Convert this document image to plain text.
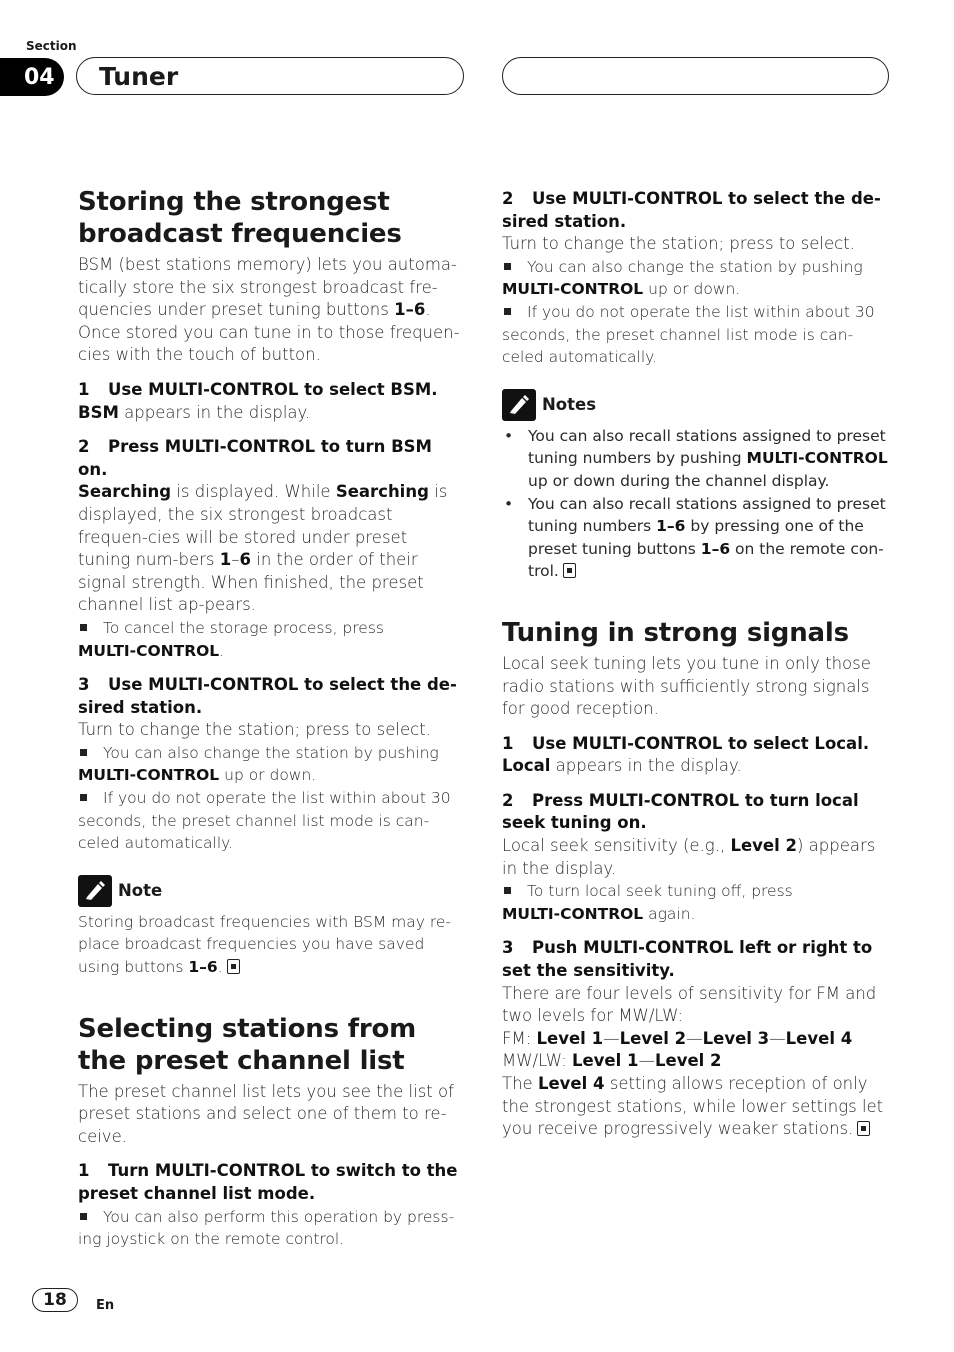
Section
04	Tuner
Storing the strongest broadcast frequencies

BSM (best stations memory) lets you automa-tically store the six strongest broadcast fre-quencies under preset tuning buttons 1–6. Once stored you can tune in to those frequen-cies with the touch of button.

1 Use MULTI-CONTROL to select BSM.

BSM appears in the display.

2 Press MULTI-CONTROL to turn BSM on.

Searching is displayed. While Searching is displayed, the six strongest broadcast frequen-cies will be stored under preset tuning num-bers 1–6 in the order of their signal strength. When finished, the preset channel list ap-pears.

To cancel the storage process, press
MULTI-CONTROL.

3 Use MULTI-CONTROL to select the de-sired station.

Turn to change the station; press to select.

You can also change the station by pushing
MULTI-CONTROL up or down.

If you do not operate the list within about 30 seconds, the preset channel list mode is can-celed automatically.

Note

Storing broadcast frequencies with BSM may re-place broadcast frequencies you have saved using buttons 1–6.

Selecting stations from the preset channel list

The preset channel list lets you see the list of preset stations and select one of them to re-ceive.

1 Turn MULTI-CONTROL to switch to the preset channel list mode.

You can also perform this operation by press-ing joystick on the remote control.

2 Use MULTI-CONTROL to select the de-sired station.

Turn to change the station; press to select.

You can also change the station by pushing
MULTI-CONTROL up or down.

If you do not operate the list within about 30 seconds, the preset channel list mode is can-celed automatically.

Notes
• You can also recall stations assigned to preset tuning numbers by pushing MULTI-CONTROL up or down during the channel display.
• You can also recall stations assigned to preset tuning numbers 1–6 by pressing one of the preset tuning buttons 1–6 on the remote con-trol.
Tuning in strong signals

Local seek tuning lets you tune in only those radio stations with sufficiently strong signals for good reception.

1 Use MULTI-CONTROL to select Local.

Local appears in the display.

2 Press MULTI-CONTROL to turn local seek tuning on.

Local seek sensitivity (e.g., Level 2) appears in the display.

To turn local seek tuning off, press
MULTI-CONTROL again.

3 Push MULTI-CONTROL left or right to set the sensitivity.

There are four levels of sensitivity for FM and two levels for MW/LW:

FM: Level 1—Level 2—Level 3—Level 4

MW/LW: Level 1—Level 2

The Level 4 setting allows reception of only the strongest stations, while lower settings let you receive progressively weaker stations.

18	En
